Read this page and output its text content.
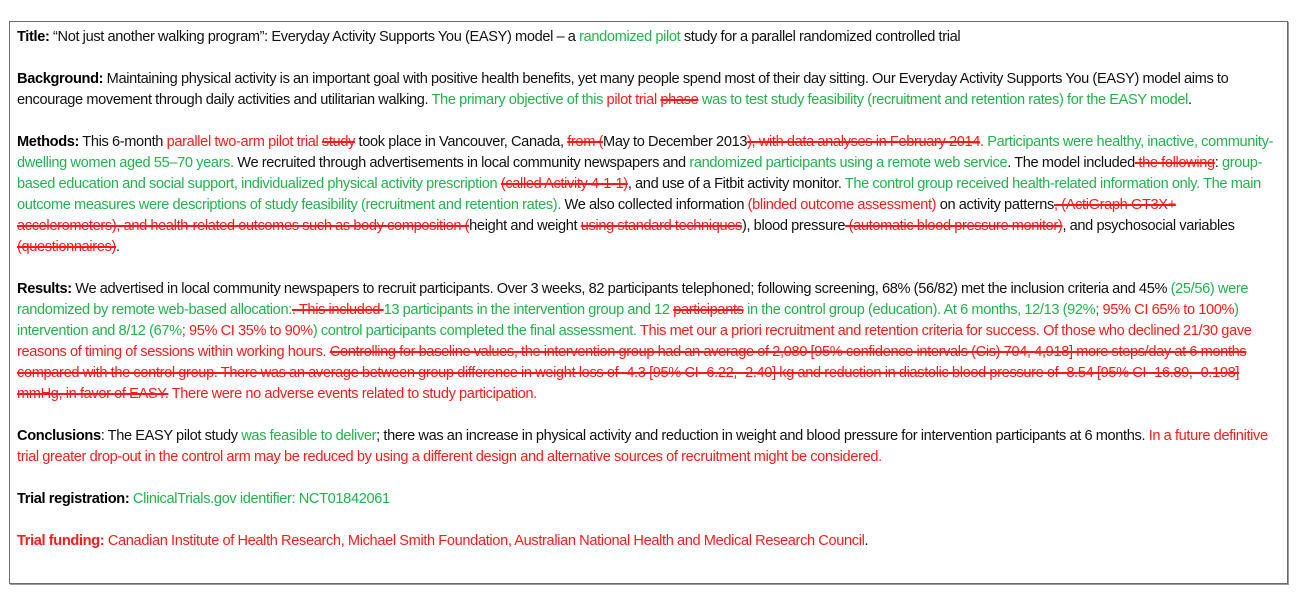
Title: “Not just another walking program”: Everyday Activity Supports You (EASY) model – a randomized pilot study for a parallel randomized controlled trial

Background: Maintaining physical activity is an important goal with positive health benefits, yet many people spend most of their day sitting. Our Everyday Activity Supports You (EASY) model aims to encourage movement through daily activities and utilitarian walking. The primary objective of this pilot trial phase was to test study feasibility (recruitment and retention rates) for the EASY model.

Methods: This 6-month parallel two-arm pilot trial study took place in Vancouver, Canada, from (May to December 2013), with data analyses in February 2014. Participants were healthy, inactive, community-dwelling women aged 55–70 years. We recruited through advertisements in local community newspapers and randomized participants using a remote web service. The model included the following: group-based education and social support, individualized physical activity prescription (called Activity 4-1-1), and use of a Fitbit activity monitor. The control group received health-related information only. The main outcome measures were descriptions of study feasibility (recruitment and retention rates). We also collected information (blinded outcome assessment) on activity patterns, (ActiGraph GT3X+ accelerometers), and health-related outcomes such as body composition (height and weight using standard techniques), blood pressure (automatic blood pressure monitor), and psychosocial variables (questionnaires).

Results: We advertised in local community newspapers to recruit participants. Over 3 weeks, 82 participants telephoned; following screening, 68% (56/82) met the inclusion criteria and 45% (25/56) were randomized by remote web-based allocation:. This included 13 participants in the intervention group and 12 participants in the control group (education). At 6 months, 12/13 (92%; 95% CI 65% to 100%) intervention and 8/12 (67%; 95% CI 35% to 90%) control participants completed the final assessment. This met our a priori recruitment and retention criteria for success. Of those who declined 21/30 gave reasons of timing of sessions within working hours. Controlling for baseline values, the intervention group had an average of 2,080 [95% confidence intervals (Cis) 704, 4,918] more steps/day at 6 months compared with the control group. There was an average between group difference in weight loss of -4.3 [95% CI -6.22, -2.40] kg and reduction in diastolic blood pressure of -8.54 [95% CI -16.89, -0.198] mmHg, in favor of EASY. There were no adverse events related to study participation.

Conclusions: The EASY pilot study was feasible to deliver; there was an increase in physical activity and reduction in weight and blood pressure for intervention participants at 6 months. In a future definitive trial greater drop-out in the control arm may be reduced by using a different design and alternative sources of recruitment might be considered.

Trial registration: ClinicalTrials.gov identifier: NCT01842061

Trial funding: Canadian Institute of Health Research, Michael Smith Foundation, Australian National Health and Medical Research Council.
